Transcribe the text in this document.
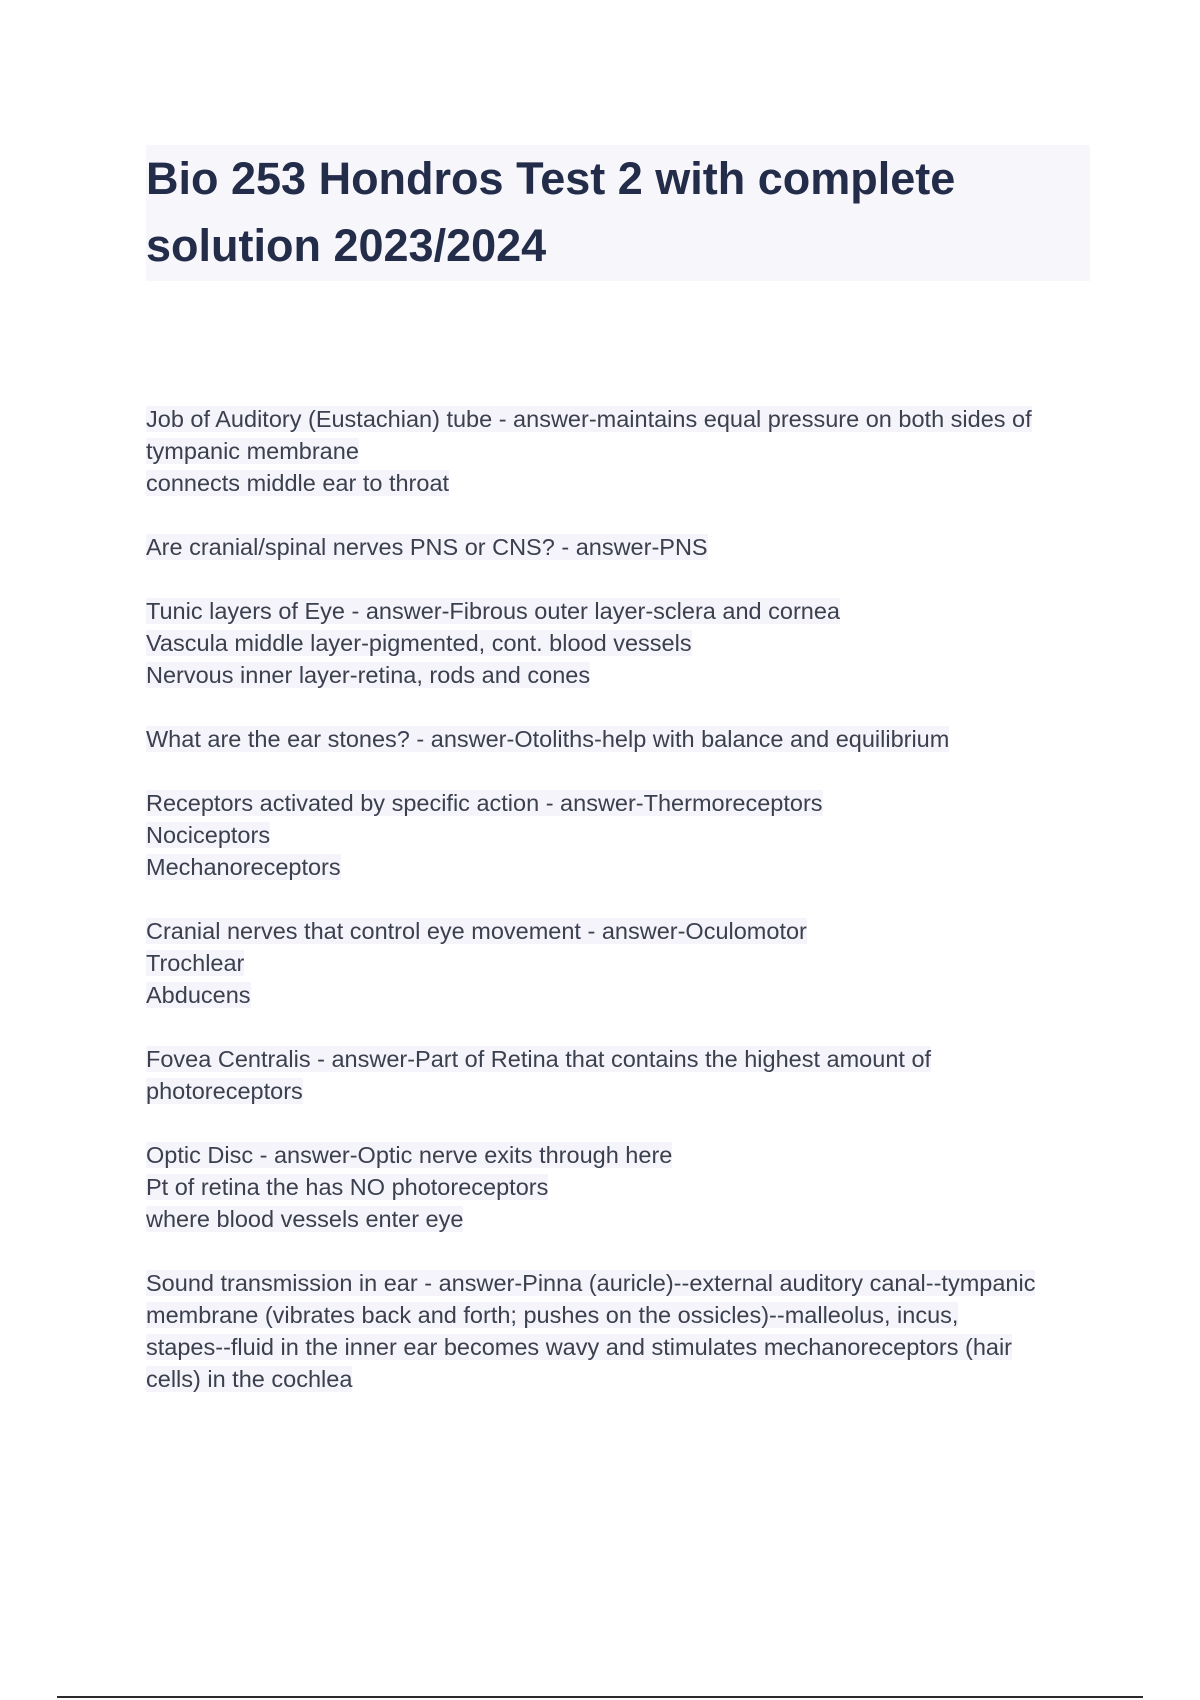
Bio 253 Hondros Test 2 with complete solution 2023/2024
Job of Auditory (Eustachian) tube - answer-maintains equal pressure on both sides of
tympanic membrane
connects middle ear to throat
Are cranial/spinal nerves PNS or CNS? - answer-PNS
Tunic layers of Eye - answer-Fibrous outer layer-sclera and cornea
Vascula middle layer-pigmented, cont. blood vessels
Nervous inner layer-retina, rods and cones
What are the ear stones? - answer-Otoliths-help with balance and equilibrium
Receptors activated by specific action - answer-Thermoreceptors
Nociceptors
Mechanoreceptors
Cranial nerves that control eye movement - answer-Oculomotor
Trochlear
Abducens
Fovea Centralis - answer-Part of Retina that contains the highest amount of
photoreceptors
Optic Disc - answer-Optic nerve exits through here
Pt of retina the has NO photoreceptors
where blood vessels enter eye
Sound transmission in ear - answer-Pinna (auricle)--external auditory canal--tympanic
membrane (vibrates back and forth; pushes on the ossicles)--malleolus, incus,
stapes--fluid in the inner ear becomes wavy and stimulates mechanoreceptors (hair
cells) in the cochlea
